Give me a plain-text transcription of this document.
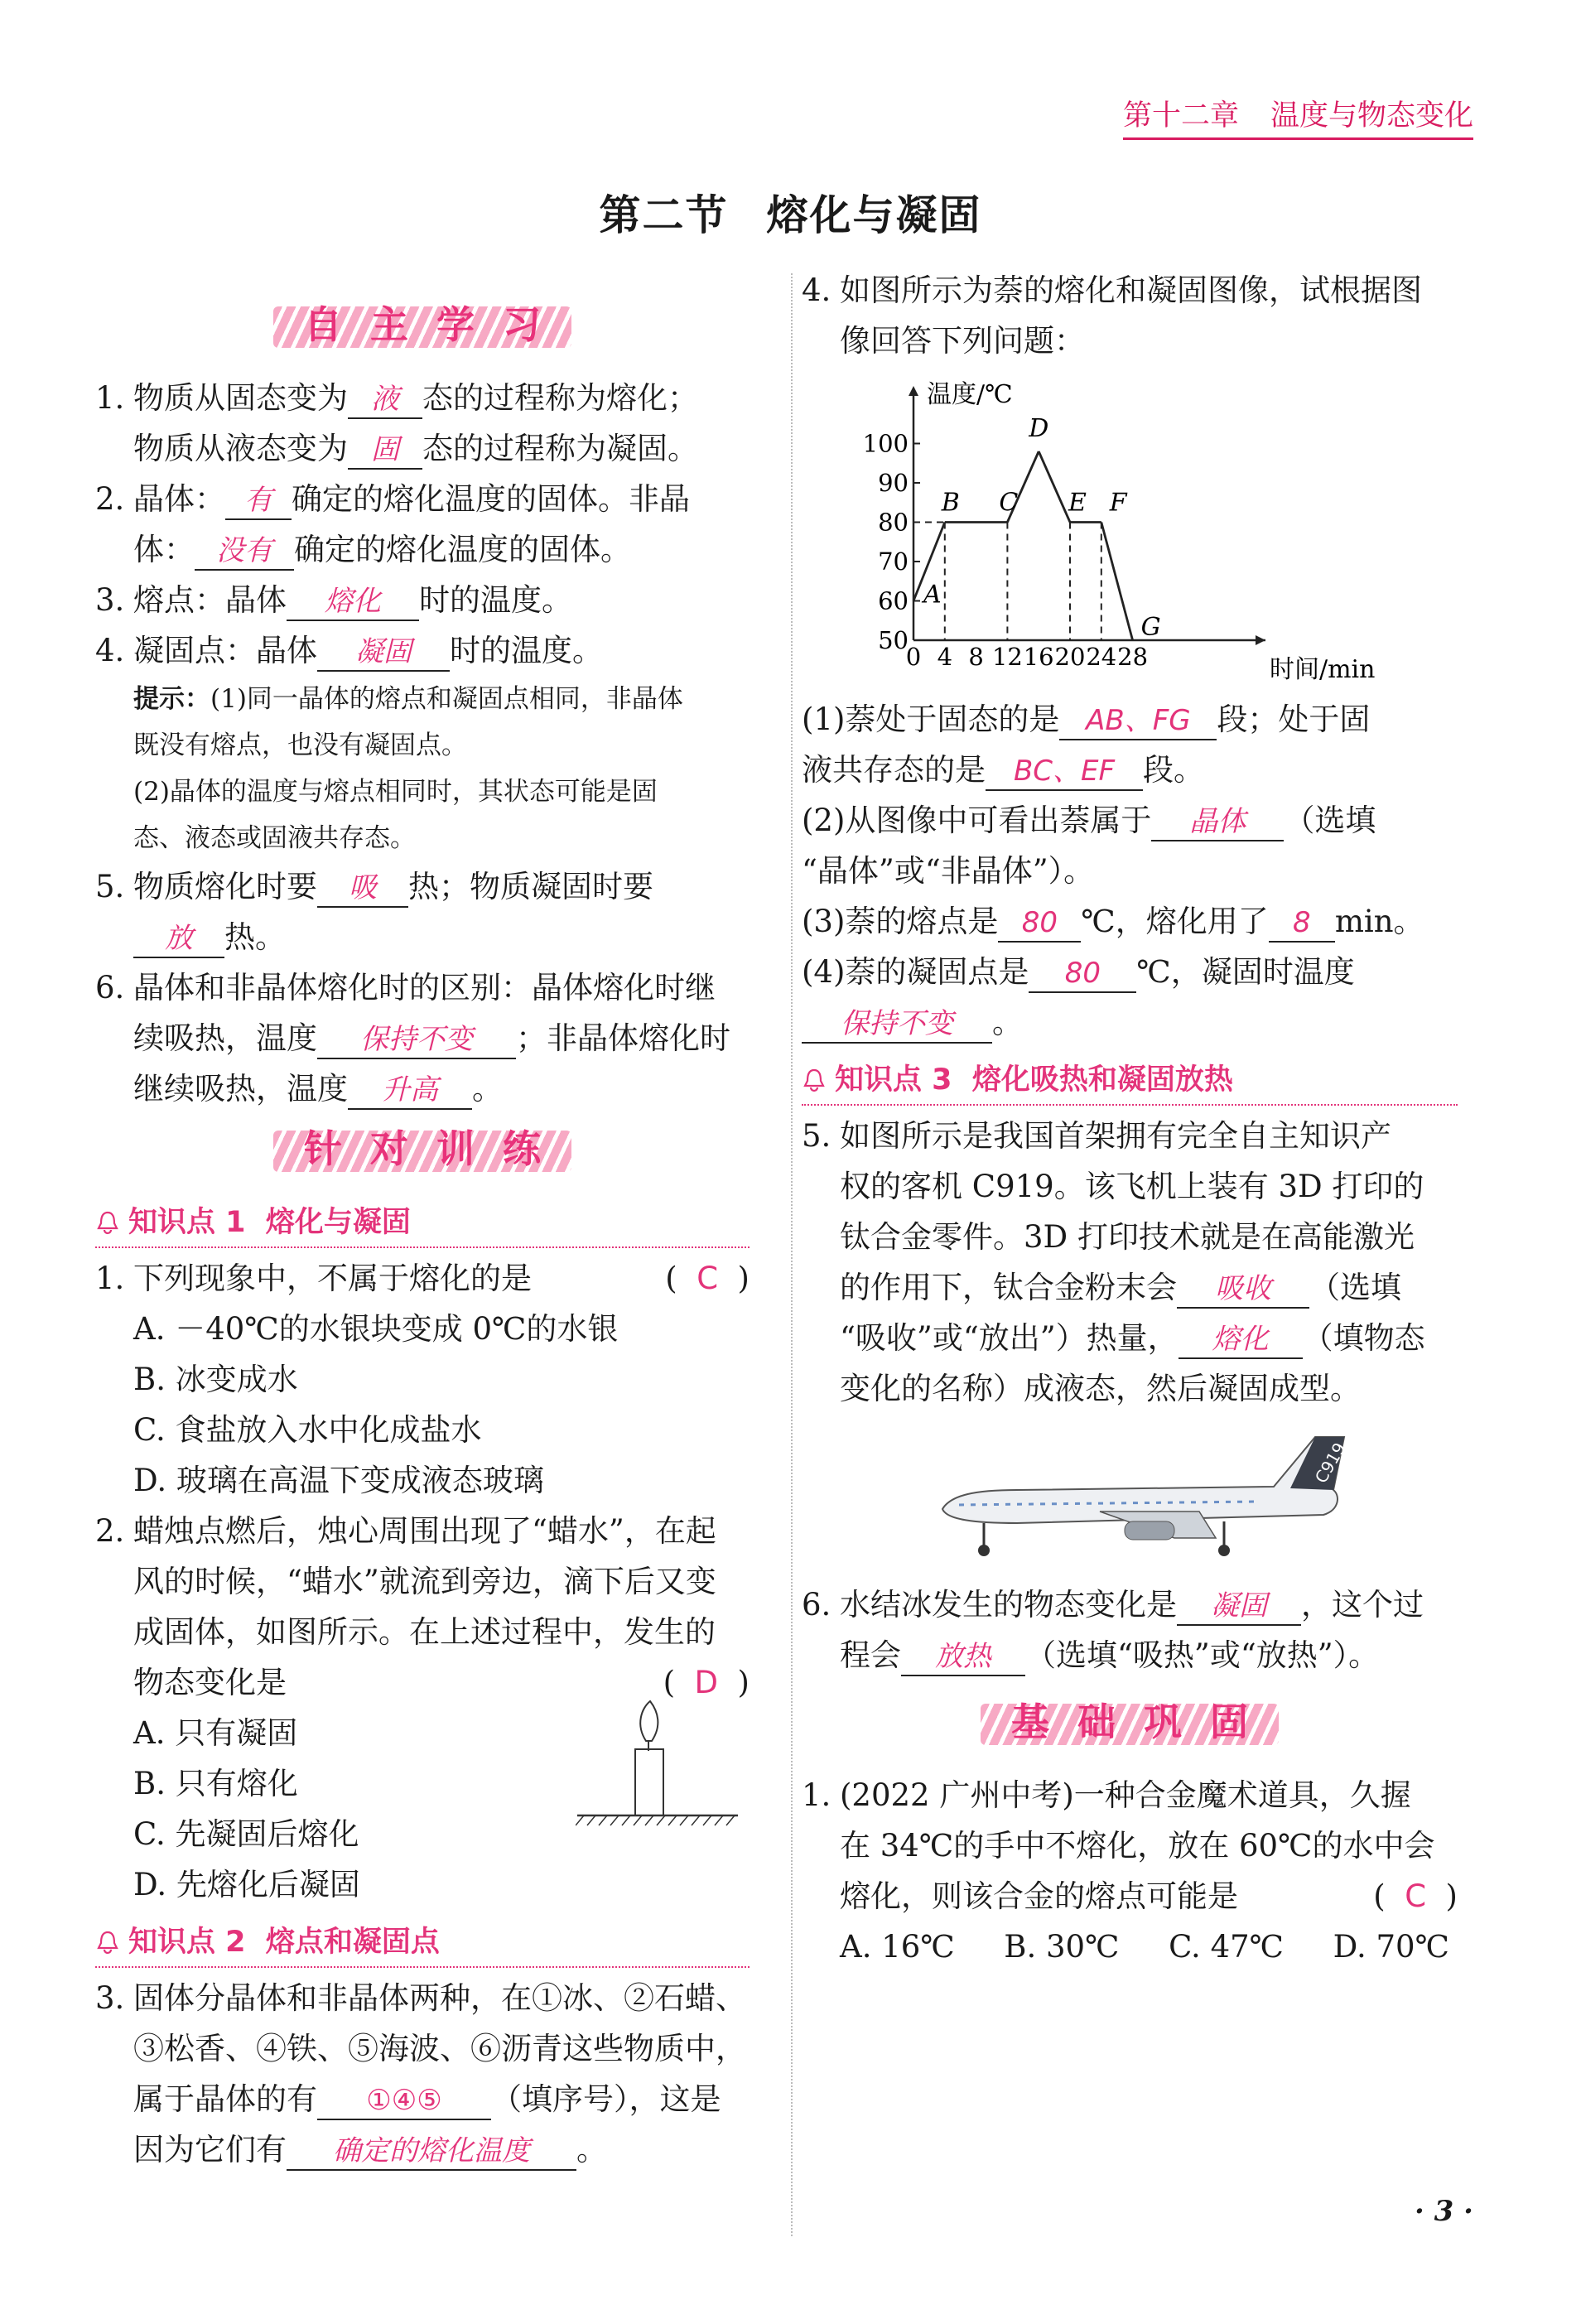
第十二章 温度与物态变化
第二节 熔化与凝固
自主学习
1. 物质从固态变为 液 态的过程称为熔化；
物质从液态变为 固 态的过程称为凝固。
2. 晶体： 有 确定的熔化温度的固体。非晶
体： 没有 确定的熔化温度的固体。
3. 熔点：晶体 熔化 时的温度。
4. 凝固点：晶体 凝固 时的温度。
提示：(1)同一晶体的熔点和凝固点相同，非晶体
既没有熔点，也没有凝固点。
(2)晶体的温度与熔点相同时，其状态可能是固
态、液态或固液共存态。
5. 物质熔化时要 吸 热；物质凝固时要
放 热。
6. 晶体和非晶体熔化时的区别：晶体熔化时继
续吸热，温度 保持不变 ；非晶体熔化时
继续吸热，温度 升高 。
针对训练
知识点 1 熔化与凝固
1. 下列现象中，不属于熔化的是	(  C  )
A. －40℃的水银块变成 0℃的水银
B. 冰变成水
C. 食盐放入水中化成盐水
D. 玻璃在高温下变成液态玻璃
2. 蜡烛点燃后，烛心周围出现了“蜡水”，在起
风的时候，“蜡水”就流到旁边，滴下后又变
成固体，如图所示。在上述过程中，发生的
物态变化是	(  D  )
A. 只有凝固
B. 只有熔化
C. 先凝固后熔化
D. 先熔化后凝固
知识点 2 熔点和凝固点
3. 固体分晶体和非晶体两种，在①冰、②石蜡、
③松香、④铁、⑤海波、⑥沥青这些物质中，
属于晶体的有 ①④⑤ （填序号），这是
因为它们有 确定的熔化温度 。
4. 如图所示为萘的熔化和凝固图像，试根据图
像回答下列问题：
温度/℃
时间/min
0 4 8 12 16 20 24 28
50
60
70
80
90
100
A
B C
D
E F
G
(1)萘处于固态的是 AB、FG 段；处于固
液共存态的是 BC、EF 段。
(2)从图像中可看出萘属于 晶体 （选填
“晶体”或“非晶体”）。
(3)萘的熔点是 80 ℃，熔化用了 8 min。
(4)萘的凝固点是 80 ℃，凝固时温度
保持不变 。
知识点 3 熔化吸热和凝固放热
5. 如图所示是我国首架拥有完全自主知识产
权的客机 C919。该飞机上装有 3D 打印的
钛合金零件。3D 打印技术就是在高能激光
的作用下，钛合金粉末会 吸收 （选填
“吸收”或“放出”）热量， 熔化 （填物态
变化的名称）成液态，然后凝固成型。
C919
6. 水结冰发生的物态变化是 凝固 ，这个过
程会 放热 （选填“吸热”或“放热”）。
基础巩固
1. (2022 广州中考)一种合金魔术道具，久握
在 34℃的手中不熔化，放在 60℃的水中会
熔化，则该合金的熔点可能是	(  C  )
A. 16℃ B. 30℃ C. 47℃ D. 70℃
· 3 ·
